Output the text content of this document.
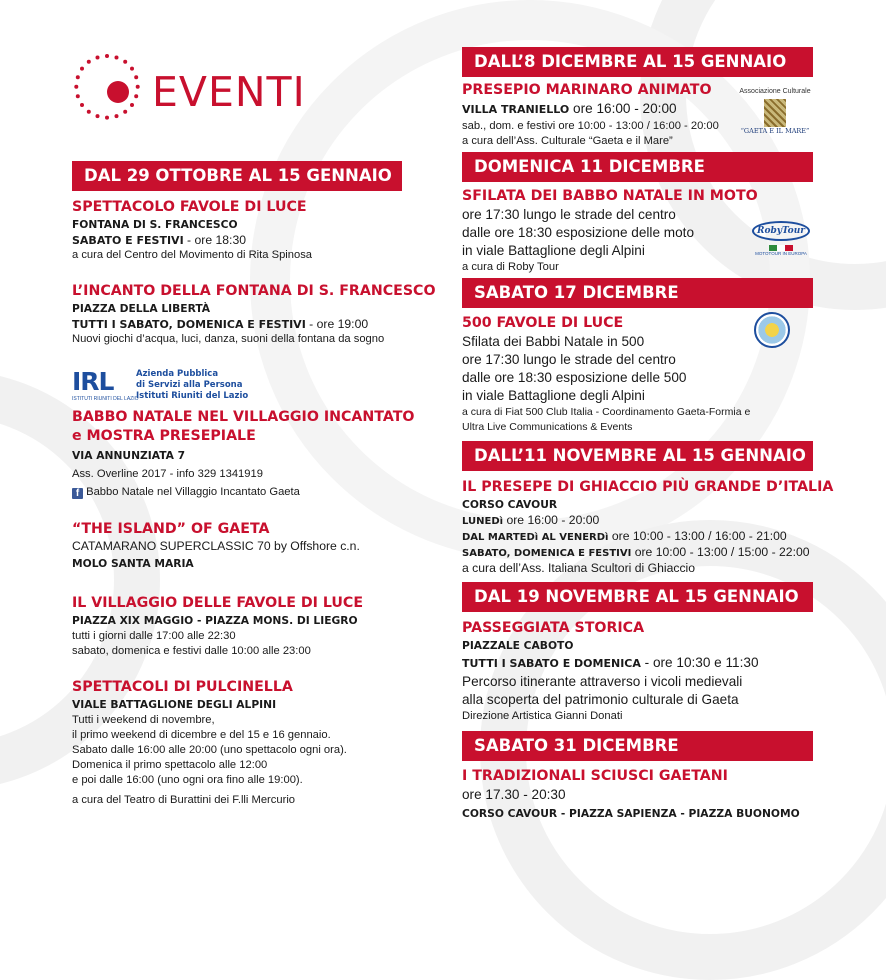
EVENTI
DAL 29 OTTOBRE AL 15 GENNAIO
SPETTACOLO FAVOLE DI LUCE
FONTANA DI S. FRANCESCO
SABATO E FESTIVI - ore 18:30
a cura del Centro del Movimento di Rita Spinosa
L’INCANTO DELLA FONTANA DI S. FRANCESCO
PIAZZA DELLA LIBERTÀ
TUTTI I SABATO, DOMENICA E FESTIVI - ore 19:00
Nuovi giochi d’acqua, luci, danza, suoni della fontana da sogno
IRL
ISTITUTI RIUNITI DEL LAZIO
Azienda Pubblica
di Servizi alla Persona
Istituti Riuniti del Lazio
BABBO NATALE NEL VILLAGGIO INCANTATO
e MOSTRA PRESEPIALE
VIA ANNUNZIATA 7
Ass. Overline 2017 - info 329 1341919
f Babbo Natale nel Villaggio Incantato Gaeta
“THE ISLAND” OF GAETA
CATAMARANO SUPERCLASSIC 70 by Offshore c.n.
MOLO SANTA MARIA
IL VILLAGGIO DELLE FAVOLE DI LUCE
PIAZZA XIX MAGGIO - PIAZZA MONS. DI LIEGRO
tutti i giorni dalle 17:00 alle 22:30
sabato, domenica e festivi dalle 10:00 alle 23:00
SPETTACOLI DI PULCINELLA
VIALE BATTAGLIONE DEGLI ALPINI
Tutti i weekend di novembre,
il primo weekend di dicembre e del 15 e 16 gennaio.
Sabato dalle 16:00 alle 20:00 (uno spettacolo ogni ora).
Domenica il primo spettacolo alle 12:00
e poi dalle 16:00 (uno ogni ora fino alle 19:00).
a cura del Teatro di Burattini dei F.lli Mercurio
DALL’8 DICEMBRE AL 15 GENNAIO
PRESEPIO MARINARO ANIMATO
VILLA TRANIELLO ore 16:00 - 20:00
sab., dom. e festivi ore 10:00 - 13:00 / 16:00 - 20:00
a cura dell’Ass. Culturale “Gaeta e il Mare”
Associazione Culturale
“GAETA E IL MARE”
DOMENICA 11 DICEMBRE
SFILATA DEI BABBO NATALE IN MOTO
ore 17:30 lungo le strade del centro
dalle ore 18:30 esposizione delle moto
in viale Battaglione degli Alpini
a cura di Roby Tour
RobyTour
MOTOTOUR IN EUROPA
SABATO 17 DICEMBRE
500 FAVOLE DI LUCE
Sfilata dei Babbi Natale in 500
ore 17:30 lungo le strade del centro
dalle ore 18:30 esposizione delle 500
in viale Battaglione degli Alpini
a cura di Fiat 500 Club Italia - Coordinamento Gaeta-Formia e
Ultra Live Communications & Events
DALL’11 NOVEMBRE AL 15 GENNAIO
IL PRESEPE DI GHIACCIO PIÙ GRANDE D’ITALIA
CORSO CAVOUR
LUNEDì ore 16:00 - 20:00
DAL MARTEDì AL VENERDì ore 10:00 - 13:00 / 16:00 - 21:00
SABATO, DOMENICA E FESTIVI ore 10:00 - 13:00 / 15:00 - 22:00
a cura dell’Ass. Italiana Scultori di Ghiaccio
DAL 19 NOVEMBRE AL 15 GENNAIO
PASSEGGIATA STORICA
PIAZZALE CABOTO
TUTTI I SABATO E DOMENICA - ore 10:30 e 11:30
Percorso itinerante attraverso i vicoli medievali
alla scoperta del patrimonio culturale di Gaeta
Direzione Artistica Gianni Donati
SABATO 31 DICEMBRE
I TRADIZIONALI SCIUSCI GAETANI
ore 17.30 - 20:30
CORSO CAVOUR - PIAZZA SAPIENZA - PIAZZA BUONOMO
